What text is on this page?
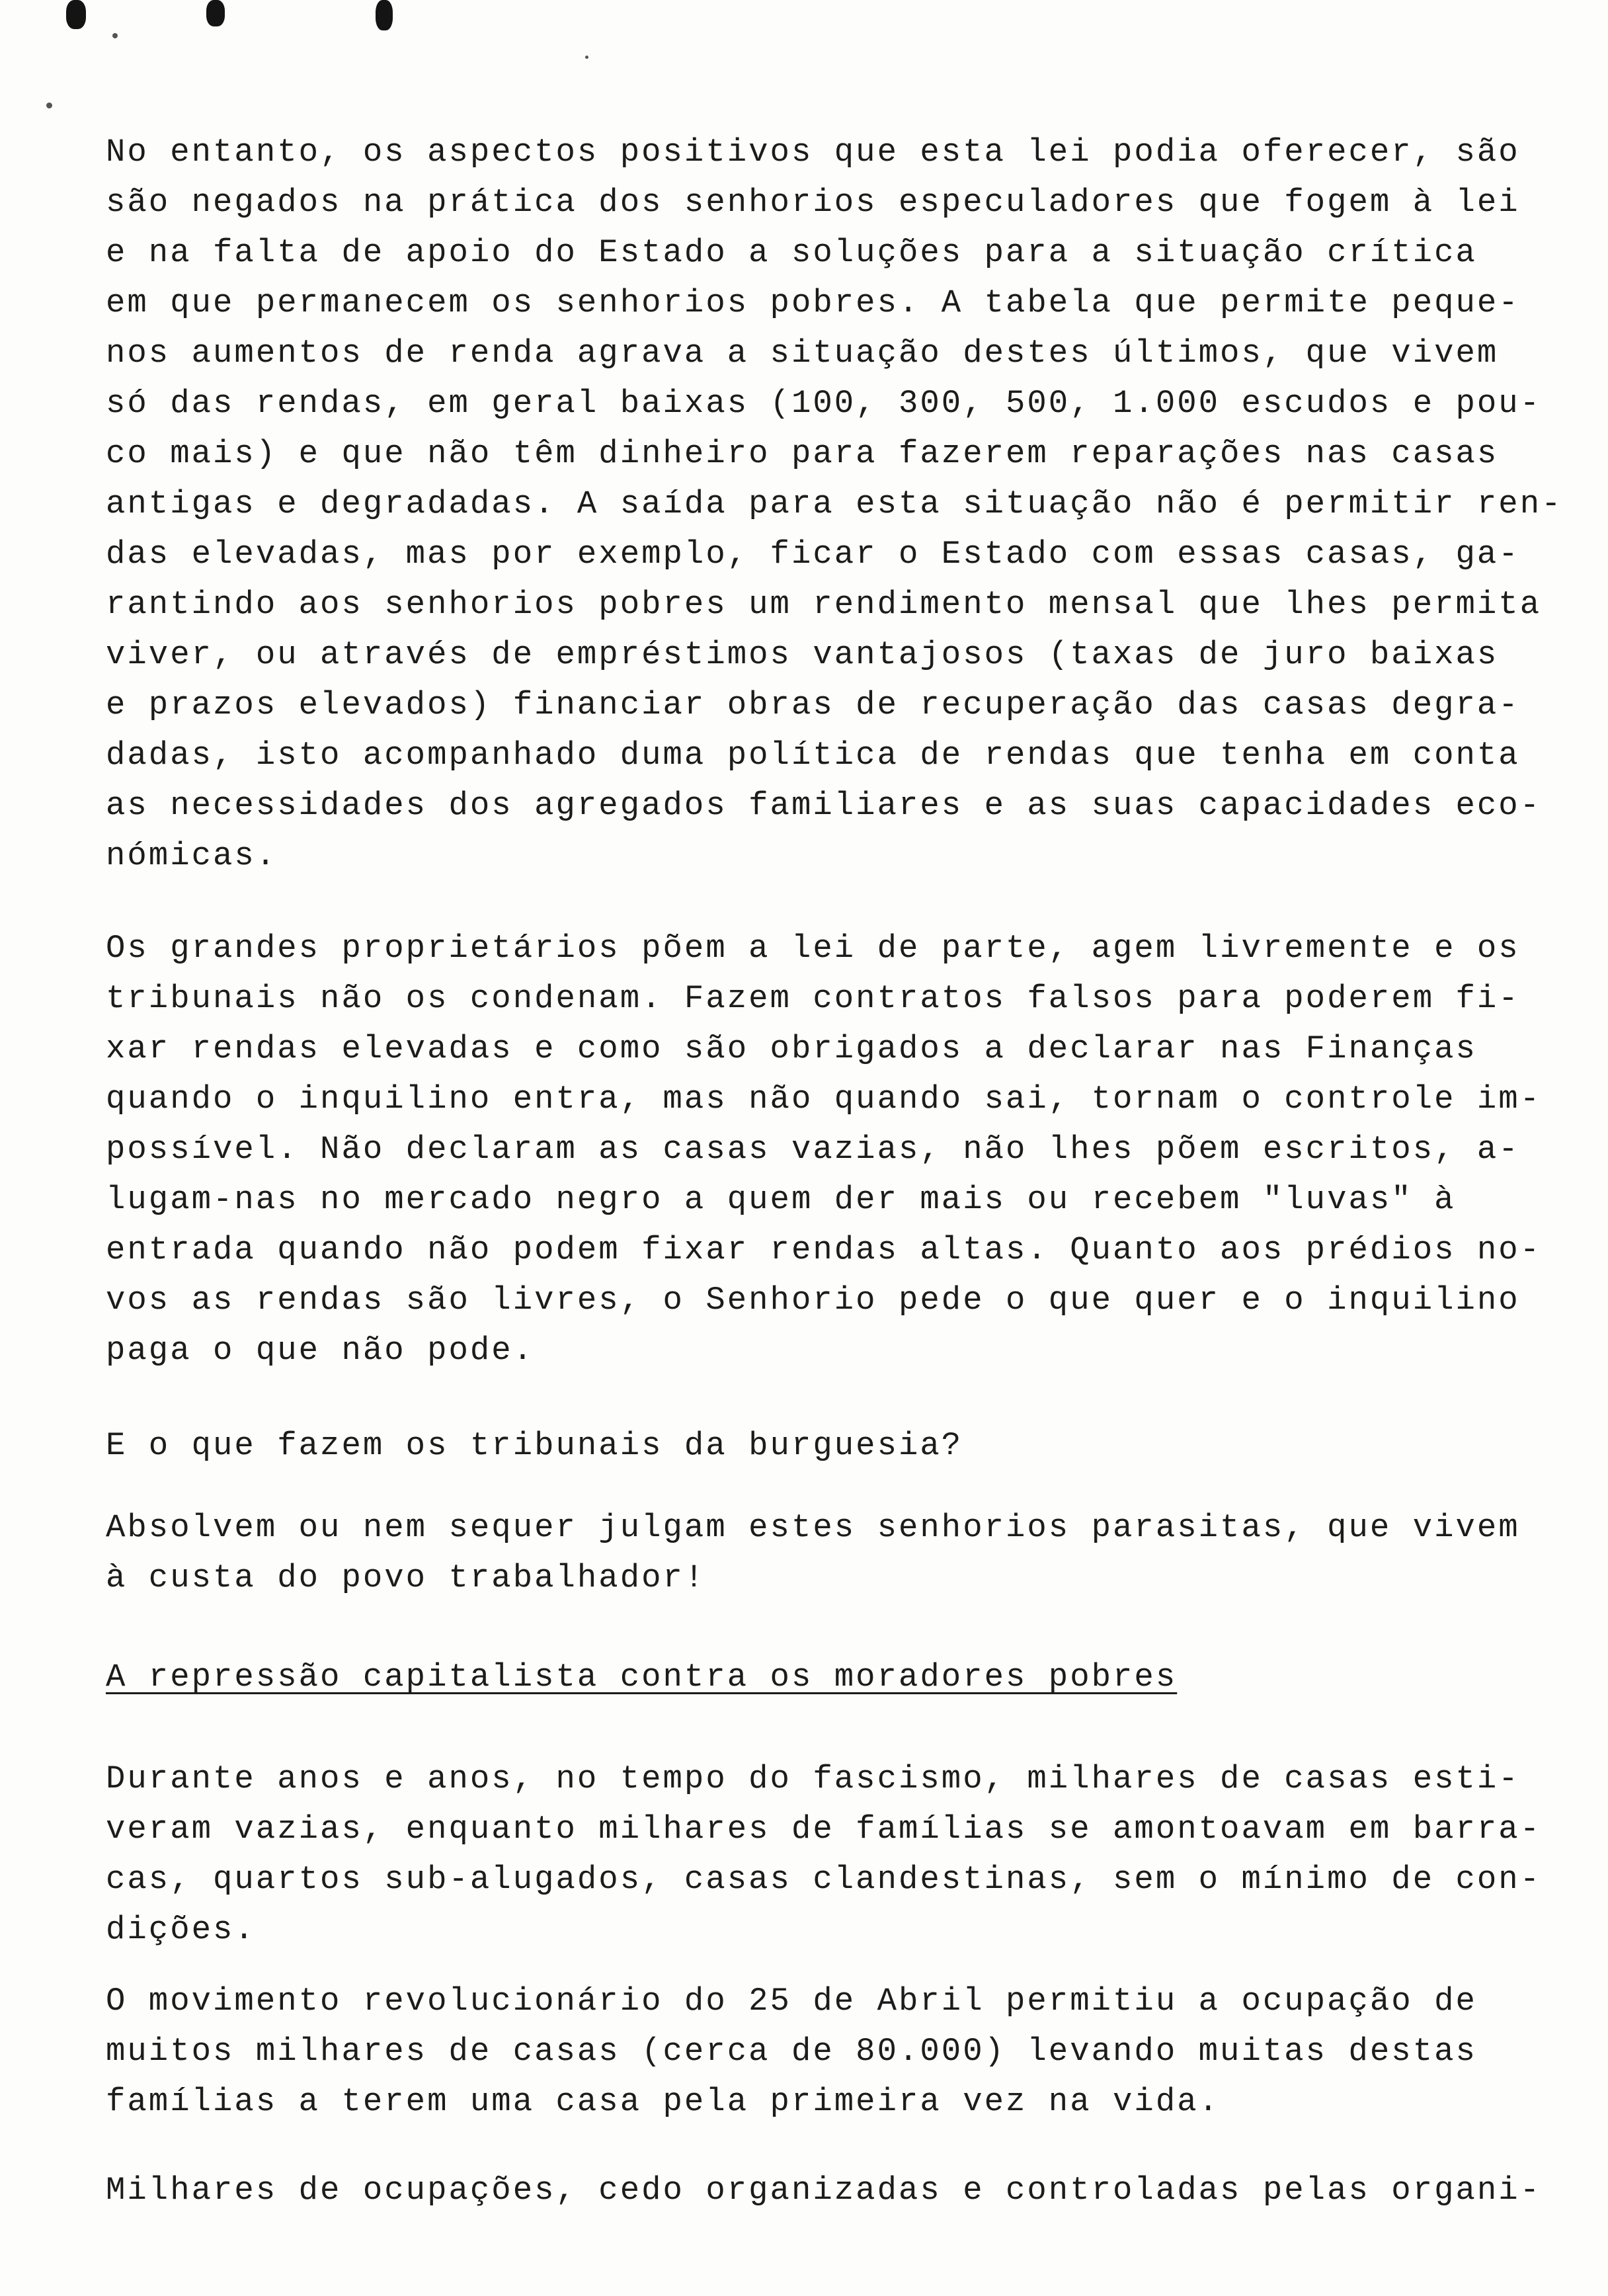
No entanto, os aspectos positivos que esta lei podia oferecer, são
são negados na prática dos senhorios especuladores que fogem à lei
e na falta de apoio do Estado a soluções para a situação crítica
em que permanecem os senhorios pobres. A tabela que permite peque-
nos aumentos de renda agrava a situação destes últimos, que vivem
só das rendas, em geral baixas (100, 300, 500, 1.000 escudos e pou-
co mais) e que não têm dinheiro para fazerem reparações nas casas
antigas e degradadas. A saída para esta situação não é permitir ren-
das elevadas, mas por exemplo, ficar o Estado com essas casas, ga-
rantindo aos senhorios pobres um rendimento mensal que lhes permita
viver, ou através de empréstimos vantajosos (taxas de juro baixas
e prazos elevados) financiar obras de recuperação das casas degra-
dadas, isto acompanhado duma política de rendas que tenha em conta
as necessidades dos agregados familiares e as suas capacidades eco-
nómicas.
Os grandes proprietários põem a lei de parte, agem livremente e os
tribunais não os condenam. Fazem contratos falsos para poderem fi-
xar rendas elevadas e como são obrigados a declarar nas Finanças
quando o inquilino entra, mas não quando sai, tornam o controle im-
possível. Não declaram as casas vazias, não lhes põem escritos, a-
lugam-nas no mercado negro a quem der mais ou recebem "luvas" à
entrada quando não podem fixar rendas altas. Quanto aos prédios no-
vos as rendas são livres, o Senhorio pede o que quer e o inquilino
paga o que não pode.
E o que fazem os tribunais da burguesia?
Absolvem ou nem sequer julgam estes senhorios parasitas, que vivem
à custa do povo trabalhador!
A repressão capitalista contra os moradores pobres
Durante anos e anos, no tempo do fascismo, milhares de casas esti-
veram vazias, enquanto milhares de famílias se amontoavam em barra-
cas, quartos sub-alugados, casas clandestinas, sem o mínimo de con-
dições.
O movimento revolucionário do 25 de Abril permitiu a ocupação de
muitos milhares de casas (cerca de 80.000) levando muitas destas
famílias a terem uma casa pela primeira vez na vida.
Milhares de ocupações, cedo organizadas e controladas pelas organi-
